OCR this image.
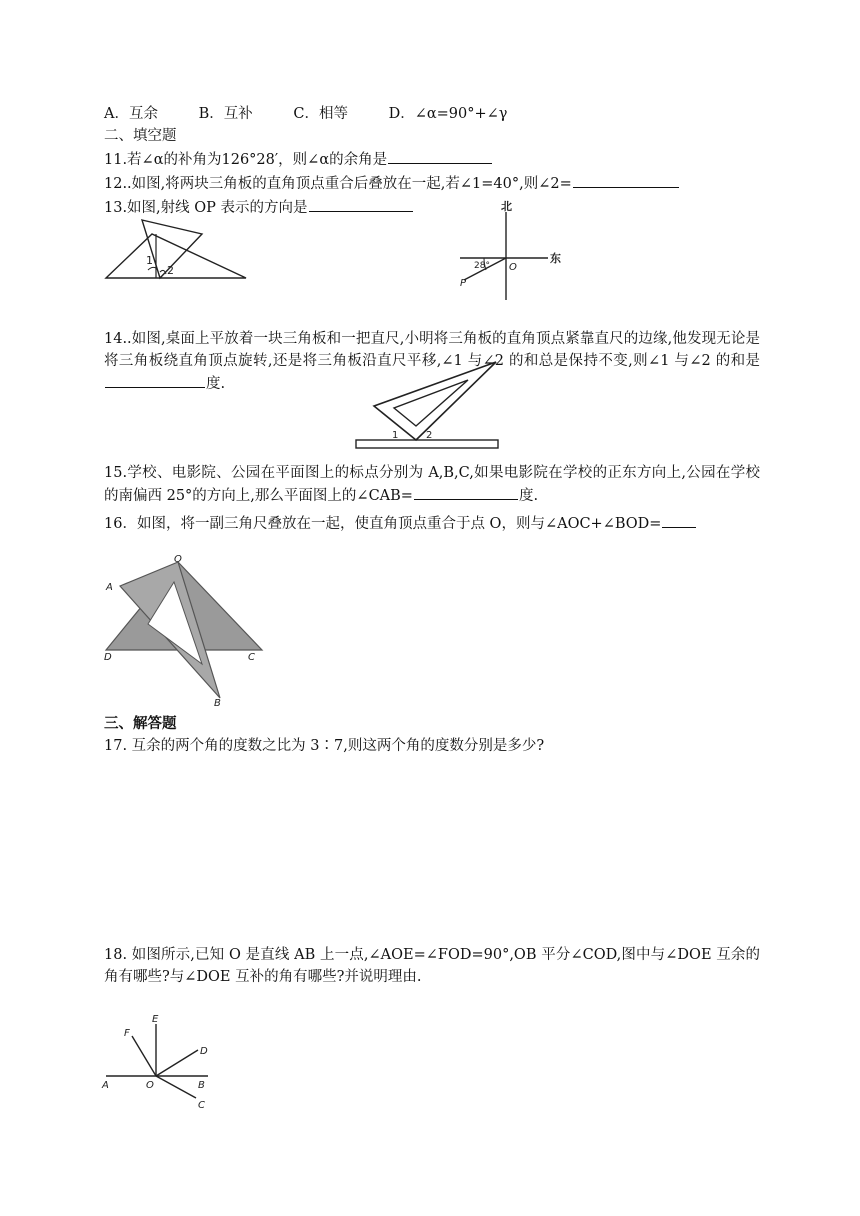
A．互余	B．互补	C．相等	D．∠α=90°+∠γ
二、填空题
11.若∠α的补角为126°28′，则∠α的余角是
12..如图,将两块三角板的直角顶点重合后叠放在一起,若∠1=40°,则∠2=
13.如图,射线 OP 表示的方向是
1
2
北
东
28° O
P
14..如图,桌面上平放着一块三角板和一把直尺,小明将三角板的直角顶点紧靠直尺的边缘,他发现无论是将三角板绕直角顶点旋转,还是将三角板沿直尺平移,∠1 与∠2 的和总是保持不变,则∠1 与∠2 的和是度.
1	2
15.学校、电影院、公园在平面图上的标点分别为 A,B,C,如果电影院在学校的正东方向上,公园在学校的南偏西 25°的方向上,那么平面图上的∠CAB=	度.
16．如图，将一副三角尺叠放在一起，使直角顶点重合于点 O，则与∠AOC+∠BOD=
O
A
D	C
B
三、解答题
17. 互余的两个角的度数之比为 3∶7,则这两个角的度数分别是多少?
18. 如图所示,已知 O 是直线 AB 上一点,∠AOE=∠FOD=90°,OB 平分∠COD,图中与∠DOE 互余的角有哪些?与∠DOE 互补的角有哪些?并说明理由.
F
E
D
A	O	B
C
